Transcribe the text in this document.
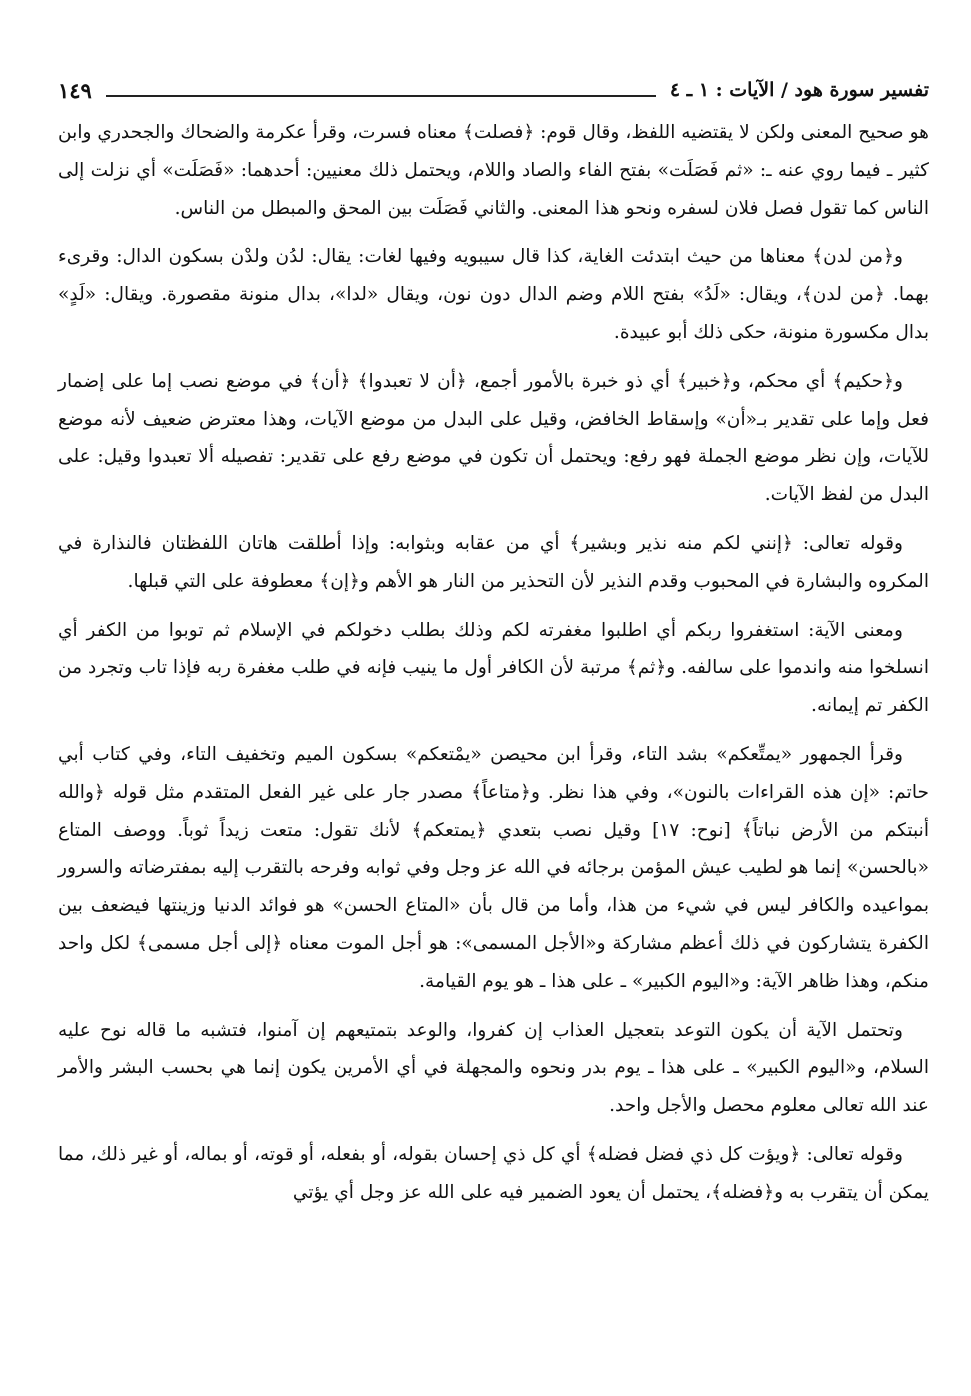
تفسير سورة هود / الآيات : ١ ـ ٤
١٤٩

هو صحيح المعنى ولكن لا يقتضيه اللفظ، وقال قوم: ﴿فصلت﴾ معناه فسرت، وقرأ عكرمة والضحاك والجحدري وابن كثير ـ فيما روي عنه ـ: «ثم فَصَلَت» بفتح الفاء والصاد واللام، ويحتمل ذلك معنيين: أحدهما: «فَصَلَت» أي نزلت إلى الناس كما تقول فصل فلان لسفره ونحو هذا المعنى. والثاني فَصَلَت بين المحق والمبطل من الناس.

و﴿من لدن﴾ معناها من حيث ابتدئت الغاية، كذا قال سيبويه وفيها لغات: يقال: لدُن ولدْن بسكون الدال: وقرىء بهما. ﴿من لدن﴾، ويقال: «لَدُ» بفتح اللام وضم الدال دون نون، ويقال «لدا»، بدال منونة مقصورة. ويقال: «لَدٍ» بدال مكسورة منونة، حكى ذلك أبو عبيدة.

و﴿حكيم﴾ أي محكم، و﴿خبير﴾ أي ذو خبرة بالأمور أجمع، ﴿أن لا تعبدوا﴾ ﴿أن﴾ في موضع نصب إما على إضمار فعل وإما على تقدير بـ«أن» وإسقاط الخافض، وقيل على البدل من موضع الآيات، وهذا معترض ضعيف لأنه موضع للآيات، وإن نظر موضع الجملة فهو رفع: ويحتمل أن تكون في موضع رفع على تقدير: تفصيله ألا تعبدوا وقيل: على البدل من لفظ الآيات.

وقوله تعالى: ﴿إنني لكم منه نذير وبشير﴾ أي من عقابه وبثوابه: وإذا أطلقت هاتان اللفظتان فالنذارة في المكروه والبشارة في المحبوب وقدم النذير لأن التحذير من النار هو الأهم و﴿إن﴾ معطوفة على التي قبلها.

ومعنى الآية: استغفروا ربكم أي اطلبوا مغفرته لكم وذلك بطلب دخولكم في الإسلام ثم توبوا من الكفر أي انسلخوا منه واندموا على سالفه. و﴿ثم﴾ مرتبة لأن الكافر أول ما ينيب فإنه في طلب مغفرة ربه فإذا تاب وتجرد من الكفر تم إيمانه.

وقرأ الجمهور «يمتِّعكم» بشد التاء، وقرأ ابن محيصن «يمْتعكم» بسكون الميم وتخفيف التاء، وفي كتاب أبي حاتم: «إن هذه القراءات بالنون»، وفي هذا نظر. و﴿متاعاً﴾ مصدر جار على غير الفعل المتقدم مثل قوله ﴿والله أنبتكم من الأرض نباتاً﴾ [نوح: ١٧] وقيل نصب بتعدي ﴿يمتعكم﴾ لأنك تقول: متعت زيداً ثوباً. ووصف المتاع «بالحسن» إنما هو لطيب عيش المؤمن برجائه في الله عز وجل وفي ثوابه وفرحه بالتقرب إليه بمفترضاته والسرور بمواعيده والكافر ليس في شيء من هذا، وأما من قال بأن «المتاع الحسن» هو فوائد الدنيا وزينتها فيضعف بين الكفرة يتشاركون في ذلك أعظم مشاركة و«الأجل المسمى»: هو أجل الموت معناه ﴿إلى أجل مسمى﴾ لكل واحد منكم، وهذا ظاهر الآية: و«اليوم الكبير» ـ على هذا ـ هو يوم القيامة.

وتحتمل الآية أن يكون التوعد بتعجيل العذاب إن كفروا، والوعد بتمتيعهم إن آمنوا، فتشبه ما قاله نوح عليه السلام، و«اليوم الكبير» ـ على هذا ـ يوم بدر ونحوه والمجهلة في أي الأمرين يكون إنما هي بحسب البشر والأمر عند الله تعالى معلوم محصل والأجل واحد.

وقوله تعالى: ﴿ويؤت كل ذي فضل فضله﴾ أي كل ذي إحسان بقوله، أو بفعله، أو قوته، أو بماله، أو غير ذلك، مما يمكن أن يتقرب به و﴿فضله﴾، يحتمل أن يعود الضمير فيه على الله عز وجل أي يؤتي
